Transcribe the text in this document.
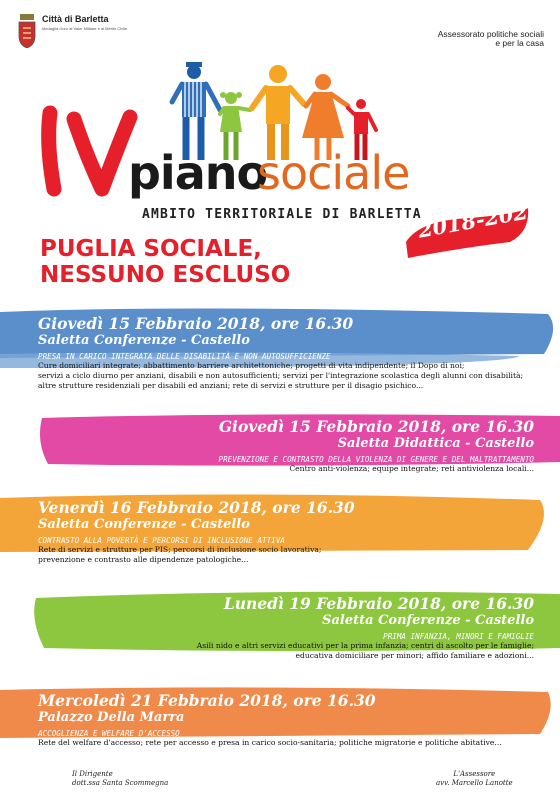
Città di Barletta
Medaglia d'oro al Valor Militare e al Merito Civile
Assessorato politiche sociali
e per la casa
IV
piano
sociale
AMBITO TERRITORIALE DI BARLETTA
2018-2020
PUGLIA SOCIALE,
NESSUNO ESCLUSO
Giovedì 15 Febbraio 2018, ore 16.30
Saletta Conferenze - Castello
PRESA IN CARICO INTEGRATA DELLE DISABILITÀ E NON AUTOSUFFICIENZE
Cure domiciliari integrate; abbattimento barriere architettoniche; progetti di vita indipendente; il Dopo di noi;
servizi a ciclo diurno per anziani, disabili e non autosufficienti; servizi per l'integrazione scolastica degli alunni con disabilità;
altre strutture residenziali per disabili ed anziani; rete di servizi e strutture per il disagio psichico...
Giovedì 15 Febbraio 2018, ore 16.30
Saletta Didattica - Castello
PREVENZIONE E CONTRASTO DELLA VIOLENZA DI GENERE E DEL MALTRATTAMENTO
Centro anti-violenza; equipe integrate; reti antiviolenza locali...
Venerdì 16 Febbraio 2018, ore 16.30
Saletta Conferenze - Castello
CONTRASTO ALLA POVERTÀ E PERCORSI DI INCLUSIONE ATTIVA
Rete di servizi e strutture per PIS; percorsi di inclusione socio lavorativa;
prevenzione e contrasto alle dipendenze patologiche...
Lunedì 19 Febbraio 2018, ore 16.30
Saletta Conferenze - Castello
PRIMA INFANZIA, MINORI E FAMIGLIE
Asili nido e altri servizi educativi per la prima infanzia; centri di ascolto per le famiglie;
educativa domiciliare per minori; affido familiare e adozioni...
Mercoledì 21 Febbraio 2018, ore 16.30
Palazzo Della Marra
ACCOGLIENZA E WELFARE D'ACCESSO
Rete del welfare d'accesso; rete per accesso e presa in carico socio-sanitaria; politiche migratorie e politiche abitative...
Il Dirigente
dott.ssa Santa Scommegna
L'Assessore
avv. Marcello Lanotte
